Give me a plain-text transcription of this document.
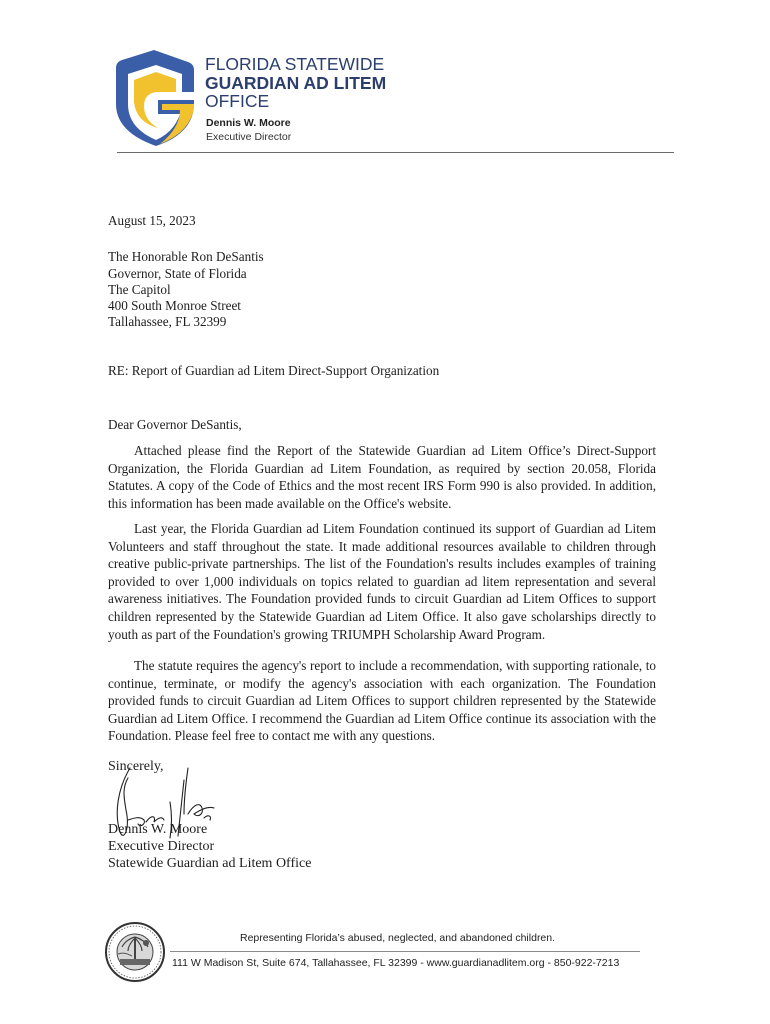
FLORIDA STATEWIDE
GUARDIAN AD LITEM
OFFICE
Dennis W. Moore
Executive Director
August 15, 2023
The Honorable Ron DeSantis
Governor, State of Florida
The Capitol
400 South Monroe Street
Tallahassee, FL 32399
RE: Report of Guardian ad Litem Direct-Support Organization
Dear Governor DeSantis,

Attached please find the Report of the Statewide Guardian ad Litem Office’s Direct-Support Organization, the Florida Guardian ad Litem Foundation, as required by section 20.058, Florida Statutes. A copy of the Code of Ethics and the most recent IRS Form 990 is also provided. In addition, this information has been made available on the Office's website.

Last year, the Florida Guardian ad Litem Foundation continued its support of Guardian ad Litem Volunteers and staff throughout the state. It made additional resources available to children through creative public-private partnerships. The list of the Foundation's results includes examples of training provided to over 1,000 individuals on topics related to guardian ad litem representation and several awareness initiatives. The Foundation provided funds to circuit Guardian ad Litem Offices to support children represented by the Statewide Guardian ad Litem Office. It also gave scholarships directly to youth as part of the Foundation's growing TRIUMPH Scholarship Award Program.

The statute requires the agency's report to include a recommendation, with supporting rationale, to continue, terminate, or modify the agency's association with each organization. The Foundation provided funds to circuit Guardian ad Litem Offices to support children represented by the Statewide Guardian ad Litem Office. I recommend the Guardian ad Litem Office continue its association with the Foundation. Please feel free to contact me with any questions.

Sincerely,
Dennis W. Moore
Executive Director
Statewide Guardian ad Litem Office
Representing Florida’s abused, neglected, and abandoned children.
111 W Madison St, Suite 674, Tallahassee, FL 32399 - www.guardianadlitem.org - 850-922-7213
